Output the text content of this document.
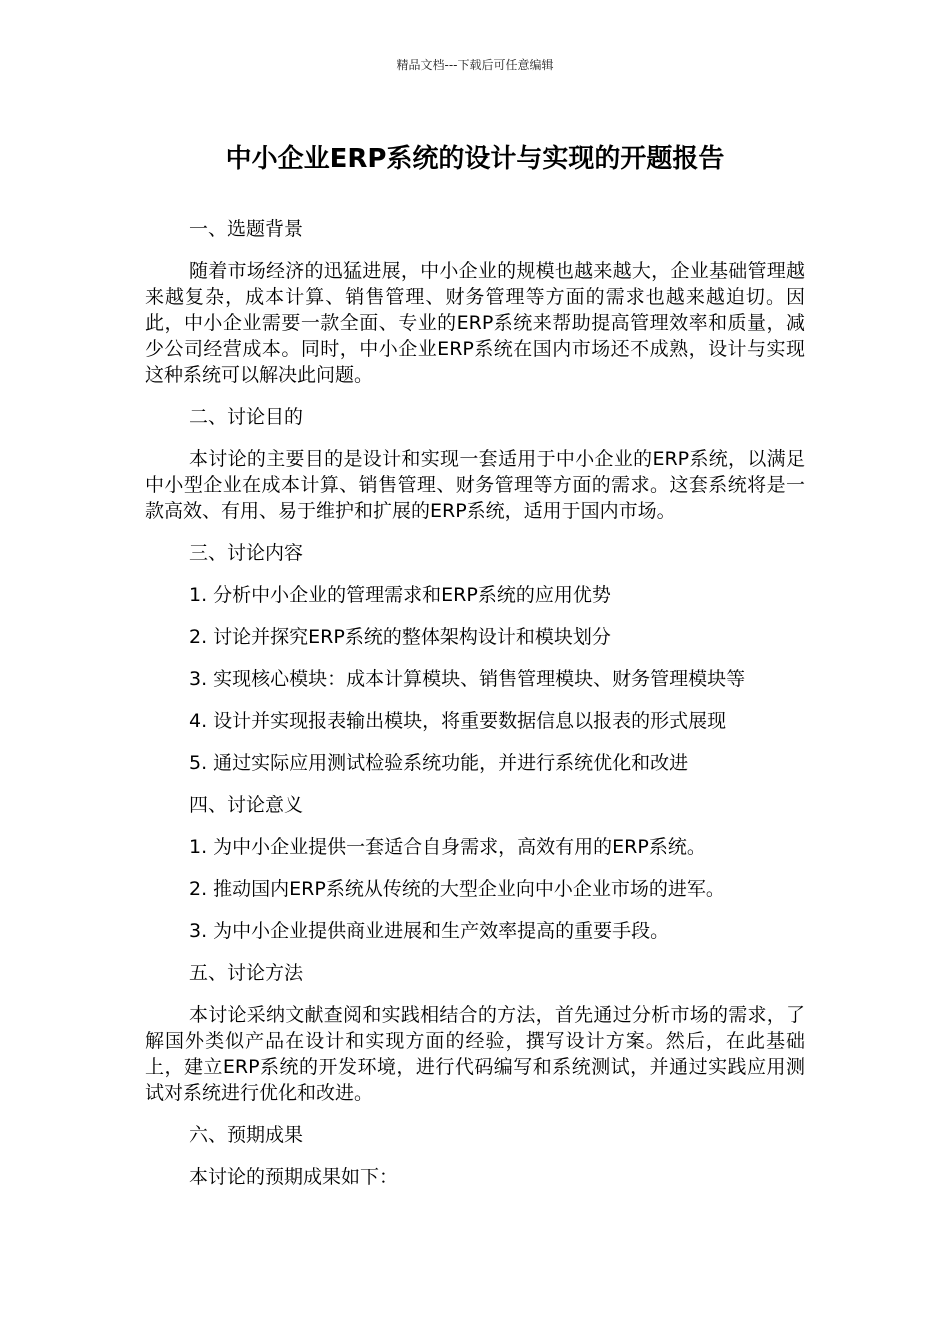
精品文档---下载后可任意编辑
中小企业ERP系统的设计与实现的开题报告

一、选题背景

随着市场经济的迅猛进展，中小企业的规模也越来越大，企业基础管理越来越复杂，成本计算、销售管理、财务管理等方面的需求也越来越迫切。因此，中小企业需要一款全面、专业的ERP系统来帮助提高管理效率和质量，减少公司经营成本。同时，中小企业ERP系统在国内市场还不成熟，设计与实现这种系统可以解决此问题。

二、讨论目的

本讨论的主要目的是设计和实现一套适用于中小企业的ERP系统，以满足中小型企业在成本计算、销售管理、财务管理等方面的需求。这套系统将是一款高效、有用、易于维护和扩展的ERP系统，适用于国内市场。

三、讨论内容

1. 分析中小企业的管理需求和ERP系统的应用优势

2. 讨论并探究ERP系统的整体架构设计和模块划分

3. 实现核心模块：成本计算模块、销售管理模块、财务管理模块等

4. 设计并实现报表输出模块，将重要数据信息以报表的形式展现

5. 通过实际应用测试检验系统功能，并进行系统优化和改进

四、讨论意义

1. 为中小企业提供一套适合自身需求，高效有用的ERP系统。

2. 推动国内ERP系统从传统的大型企业向中小企业市场的进军。

3. 为中小企业提供商业进展和生产效率提高的重要手段。

五、讨论方法

本讨论采纳文献查阅和实践相结合的方法，首先通过分析市场的需求，了解国外类似产品在设计和实现方面的经验，撰写设计方案。然后，在此基础上，建立ERP系统的开发环境，进行代码编写和系统测试，并通过实践应用测试对系统进行优化和改进。

六、预期成果

本讨论的预期成果如下：
